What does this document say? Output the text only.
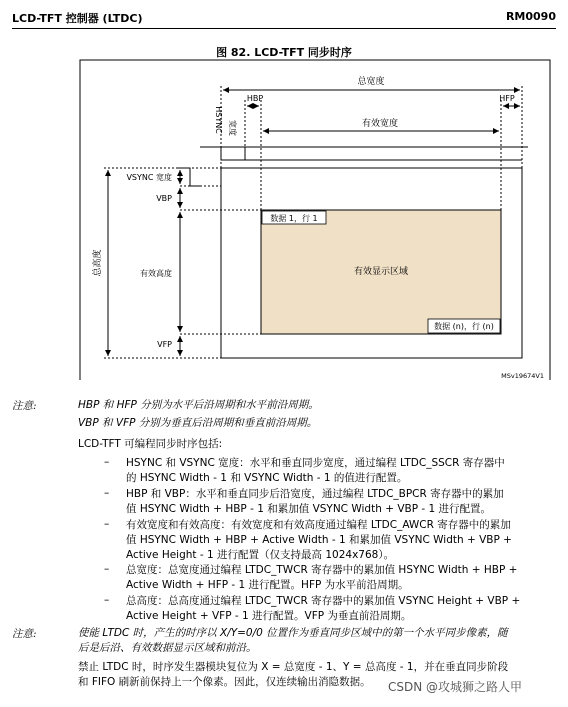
LCD-TFT 控制器 (LTDC)	RM0090
图 82. LCD-TFT 同步时序
总宽度
HSYNC 宽度
HBP	HFP
有效宽度
VSYNC 宽度
VBP
有效高度
VFP
总高度
数据 1，行 1
有效显示区域
数据 (n)，行 (n)
MSv19674V1
注意:	HBP 和 HFP 分别为水平后沿周期和水平前沿周期。
VBP 和 VFP 分别为垂直后沿周期和垂直前沿周期。
LCD-TFT 可编程同步时序包括:
– HSYNC 和 VSYNC 宽度：水平和垂直同步宽度，通过编程 LTDC_SSCR 寄存器中
的 HSYNC Width - 1 和 VSYNC Width - 1 的值进行配置。
– HBP 和 VBP：水平和垂直同步后沿宽度，通过编程 LTDC_BPCR 寄存器中的累加
值 HSYNC Width + HBP - 1 和累加值 VSYNC Width + VBP - 1 进行配置。
– 有效宽度和有效高度：有效宽度和有效高度通过编程 LTDC_AWCR 寄存器中的累加
值 HSYNC Width + HBP + Active Width - 1 和累加值 VSYNC Width + VBP +
Active Height - 1 进行配置（仅支持最高 1024x768）。
– 总宽度：总宽度通过编程 LTDC_TWCR 寄存器中的累加值 HSYNC Width + HBP +
Active Width + HFP - 1 进行配置。HFP 为水平前沿周期。
– 总高度：总高度通过编程 LTDC_TWCR 寄存器中的累加值 VSYNC Height + VBP +
Active Height + VFP - 1 进行配置。VFP 为垂直前沿周期。
注意:	使能 LTDC 时，产生的时序以 X/Y=0/0 位置作为垂直同步区域中的第一个水平同步像素，随
后是后沿、有效数据显示区域和前沿。
禁止 LTDC 时，时序发生器模块复位为 X = 总宽度 - 1、Y = 总高度 - 1，并在垂直同步阶段
和 FIFO 刷新前保持上一个像素。因此，仅连续输出消隐数据。	CSDN @攻城狮之路人甲
